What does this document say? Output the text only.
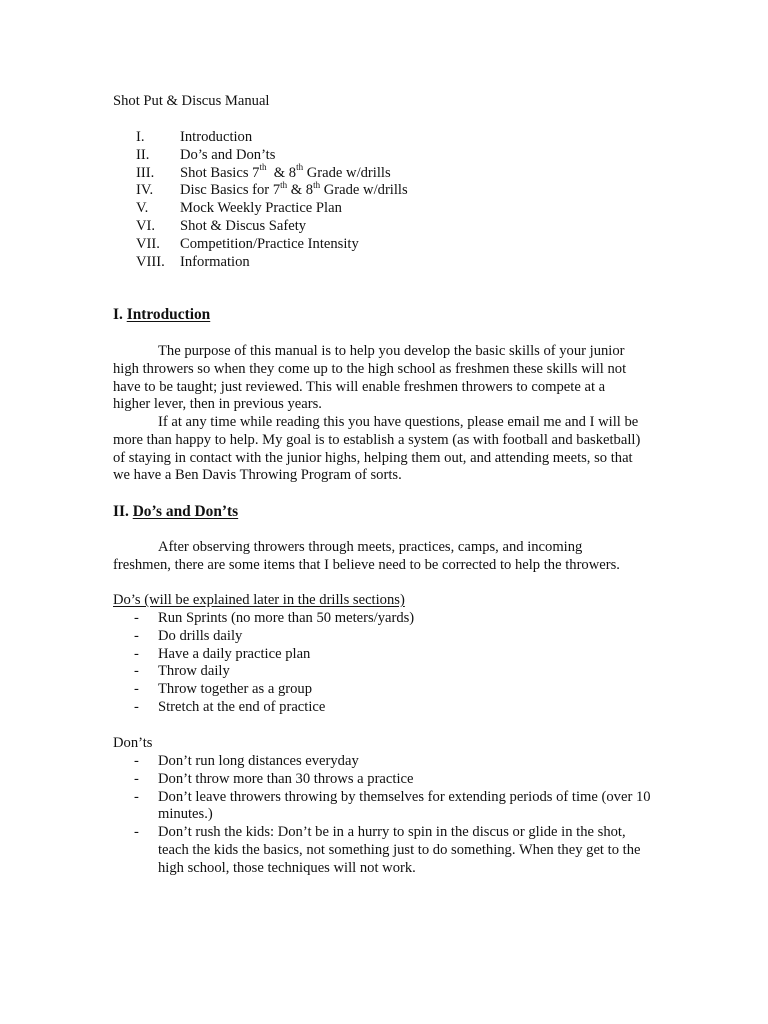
Shot Put & Discus Manual
I.	Introduction
II.	Do’s and Don’ts
III.	Shot Basics 7th  & 8th Grade w/drills
IV.	Disc Basics for 7th & 8th Grade w/drills
V.	Mock Weekly Practice Plan
VI.	Shot & Discus Safety
VII.	Competition/Practice Intensity
VIII.	Information
I. Introduction

The purpose of this manual is to help you develop the basic skills of your junior high throwers so when they come up to the high school as freshmen these skills will not have to be taught; just reviewed. This will enable freshmen throwers to compete at a higher lever, then in previous years.

If at any time while reading this you have questions, please email me and I will be more than happy to help. My goal is to establish a system (as with football and basketball) of staying in contact with the junior highs, helping them out, and attending meets, so that we have a Ben Davis Throwing Program of sorts.

II. Do’s and Don’ts

After observing throwers through meets, practices, camps, and incoming freshmen, there are some items that I believe need to be corrected to help the throwers.

Do’s (will be explained later in the drills sections)

-	Run Sprints (no more than 50 meters/yards)
-	Do drills daily
-	Have a daily practice plan
-	Throw daily
-	Throw together as a group
-	Stretch at the end of practice

Don’ts

-	Don’t run long distances everyday
-	Don’t throw more than 30 throws a practice
-	Don’t leave throwers throwing by themselves for extending periods of time (over 10 minutes.)
-	Don’t rush the kids: Don’t be in a hurry to spin in the discus or glide in the shot, teach the kids the basics, not something just to do something. When they get to the high school, those techniques will not work.
